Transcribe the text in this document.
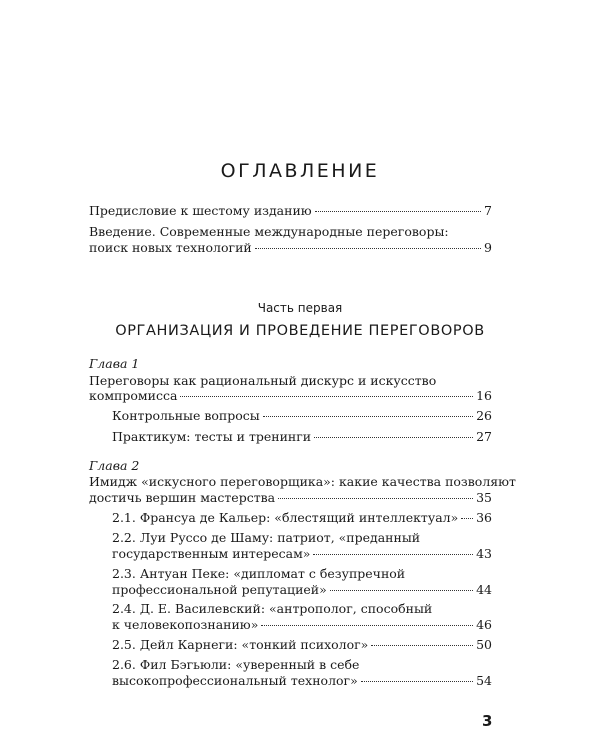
ОГЛАВЛЕНИЕ
Предисловие к шестому изданию	7
Введение. Современные международные переговоры:
поиск новых технологий	9
Часть первая
ОРГАНИЗАЦИЯ И ПРОВЕДЕНИЕ ПЕРЕГОВОРОВ
Глава 1
Переговоры как рациональный дискурс и искусство
компромисса	16
Контрольные вопросы	26
Практикум: тесты и тренинги	27
Глава 2
Имидж «искусного переговорщика»: какие качества позволяют
достичь вершин мастерства	35
2.1. Франсуа де Кальер: «блестящий интеллектуал» 36
2.2. Луи Руссо де Шаму: патриот, «преданный
государственным интересам»	43
2.3. Антуан Пеке: «дипломат с безупречной
профессиональной репутацией»	44
2.4. Д. Е. Василевский: «антрополог, способный
к человекопознанию»	46
2.5. Дейл Карнеги: «тонкий психолог»	50
2.6. Фил Бэгьюли: «уверенный в себе
высокопрофессиональный технолог»	54
3
